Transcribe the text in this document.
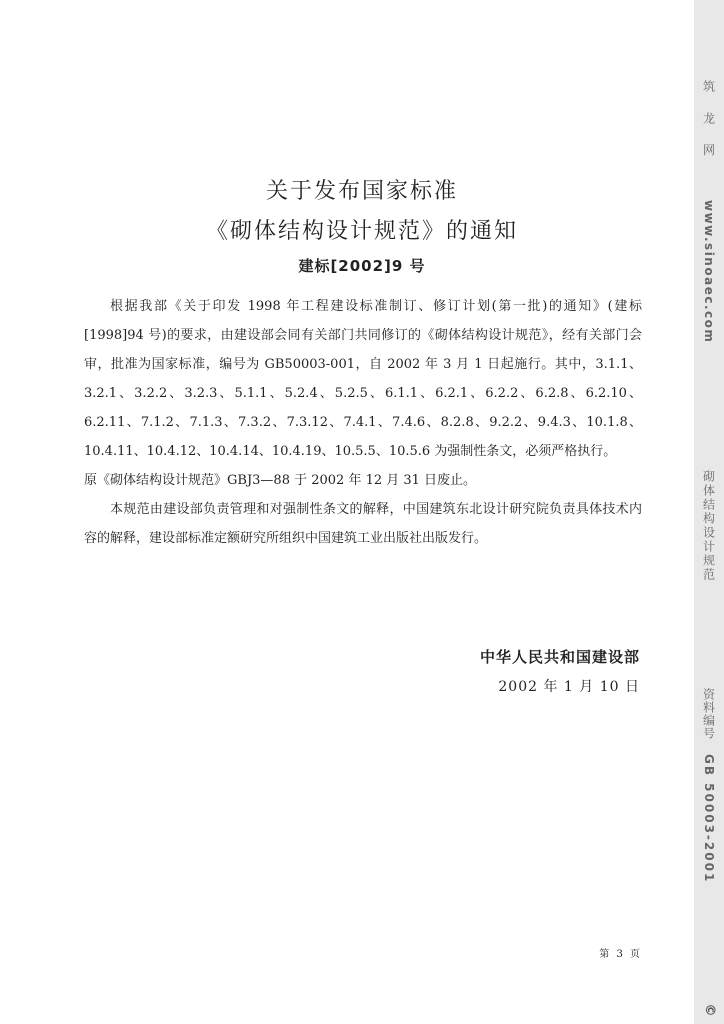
关于发布国家标准
《砌体结构设计规范》的通知
建标[2002]9 号

根据我部《关于印发 1998 年工程建设标准制订、修订计划(第一批)的通知》(建标[1998]94 号)的要求，由建设部会同有关部门共同修订的《砌体结构设计规范》，经有关部门会审，批准为国家标准，编号为 GB50003-001，自 2002 年 3 月 1 日起施行。其中，3.1.1、3.2.1、3.2.2、3.2.3、5.1.1、5.2.4、5.2.5、6.1.1、6.2.1、6.2.2、6.2.8、6.2.10、6.2.11、7.1.2、7.1.3、7.3.2、7.3.12、7.4.1、7.4.6、8.2.8、9.2.2、9.4.3、10.1.8、10.4.11、10.4.12、10.4.14、10.4.19、10.5.5、10.5.6 为强制性条文，必须严格执行。

原《砌体结构设计规范》GBJ3—88 于 2002 年 12 月 31 日废止。

本规范由建设部负责管理和对强制性条文的解释，中国建筑东北设计研究院负责具体技术内容的解释，建设部标准定额研究所组织中国建筑工业出版社出版发行。

中华人民共和国建设部
2002 年 1 月 10 日
第 3 页
筑 龙 网
www.sinoaec.com
砌体结构设计规范
资料编号
GB 50003-2001
©
